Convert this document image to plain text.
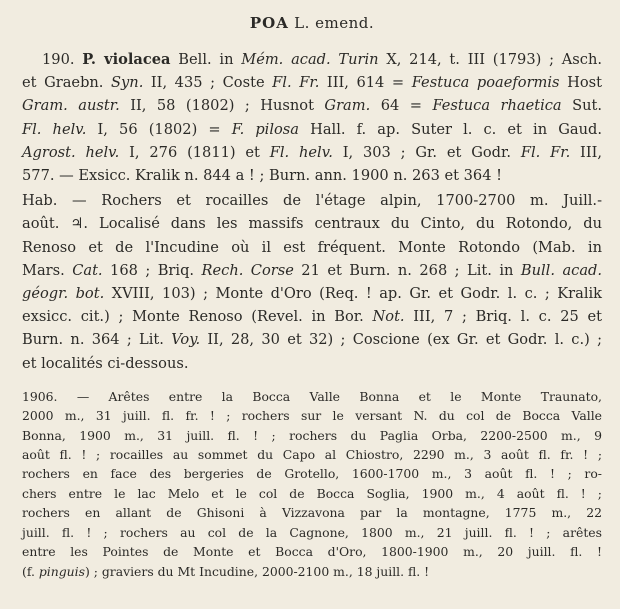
POA L. emend.
190. P. violacea Bell. in Mém. acad. Turin X, 214, t. III (1793) ; Asch.
et Graebn. Syn. II, 435 ; Coste Fl. Fr. III, 614 = Festuca poaeformis Host
Gram. austr. II, 58 (1802) ; Husnot Gram. 64 = Festuca rhaetica Sut.
Fl. helv. I, 56 (1802) = F. pilosa Hall. f. ap. Suter l. c. et in Gaud.
Agrost. helv. I, 276 (1811) et Fl. helv. I, 303 ; Gr. et Godr. Fl. Fr. III,
577. — Exsicc. Kralik n. 844 a ! ; Burn. ann. 1900 n. 263 et 364 !
Hab. — Rochers et rocailles de l'étage alpin, 1700-2700 m. Juill.-
août. ♃. Localisé dans les massifs centraux du Cinto, du Rotondo, du
Renoso et de l'Incudine où il est fréquent. Monte Rotondo (Mab. in
Mars. Cat. 168 ; Briq. Rech. Corse 21 et Burn. n. 268 ; Lit. in Bull. acad.
géogr. bot. XVIII, 103) ; Monte d'Oro (Req. ! ap. Gr. et Godr. l. c. ; Kralik
exsicc. cit.) ; Monte Renoso (Revel. in Bor. Not. III, 7 ; Briq. l. c. 25 et
Burn. n. 364 ; Lit. Voy. II, 28, 30 et 32) ; Coscione (ex Gr. et Godr. l. c.) ;
et localités ci-dessous.
1906. — Arêtes entre la Bocca Valle Bonna et le Monte Traunato,
2000 m., 31 juill. fl. fr. ! ; rochers sur le versant N. du col de Bocca Valle
Bonna, 1900 m., 31 juill. fl. ! ; rochers du Paglia Orba, 2200-2500 m., 9
août fl. ! ; rocailles au sommet du Capo al Chiostro, 2290 m., 3 août fl. fr. ! ;
rochers en face des bergeries de Grotello, 1600-1700 m., 3 août fl. ! ; ro-
chers entre le lac Melo et le col de Bocca Soglia, 1900 m., 4 août fl. ! ;
rochers en allant de Ghisoni à Vizzavona par la montagne, 1775 m., 22
juill. fl. ! ; rochers au col de la Cagnone, 1800 m., 21 juill. fl. ! ; arêtes
entre les Pointes de Monte et Bocca d'Oro, 1800-1900 m., 20 juill. fl. !
(f. pinguis) ; graviers du Mt Incudine, 2000-2100 m., 18 juill. fl. !
